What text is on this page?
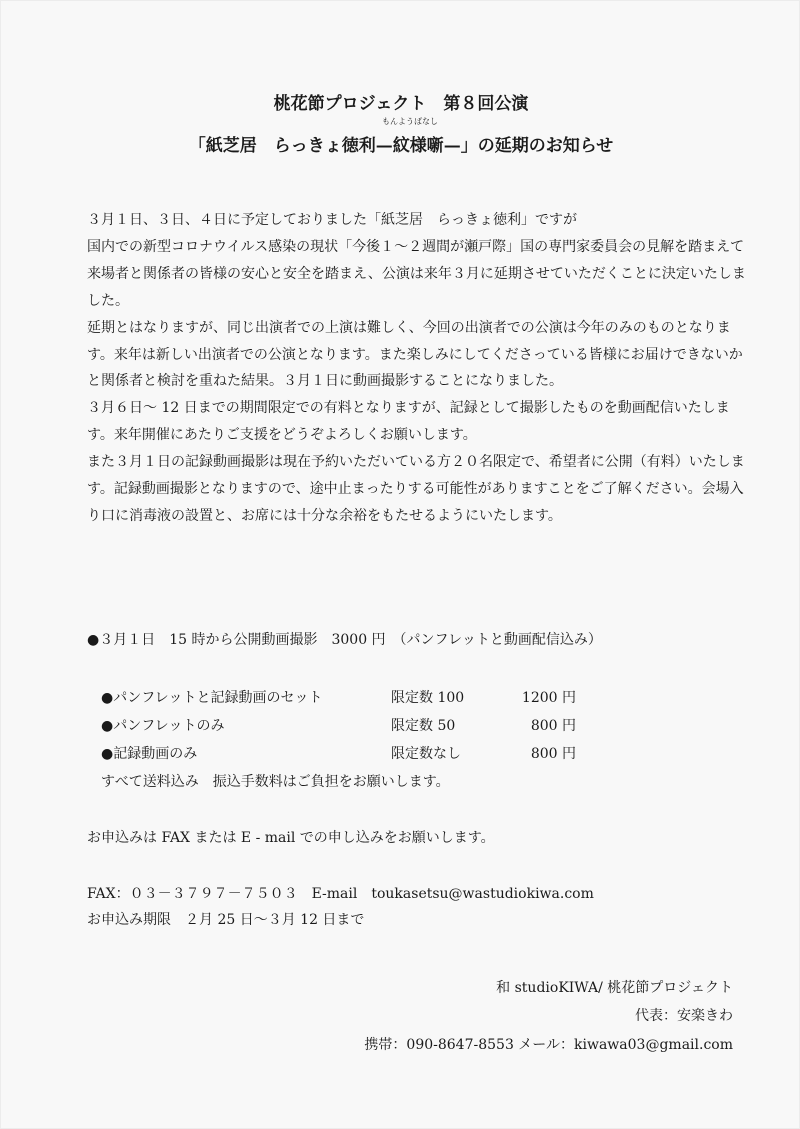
桃花節プロジェクト　第８回公演
もんようばなし
「紙芝居　らっきょ徳利—紋様噺—」の延期のお知らせ

３月１日、３日、４日に予定しておりました「紙芝居　らっきょ徳利」ですが

国内での新型コロナウイルス感染の現状「今後１〜２週間が瀬戸際」国の専門家委員会の見解を踏まえて来場者と関係者の皆様の安心と安全を踏まえ、公演は来年３月に延期させていただくことに決定いたしました。

延期とはなりますが、同じ出演者での上演は難しく、今回の出演者での公演は今年のみのものとなります。来年は新しい出演者での公演となります。また楽しみにしてくださっている皆様にお届けできないかと関係者と検討を重ねた結果。３月１日に動画撮影することになりました。

３月６日〜 12 日までの期間限定での有料となりますが、記録として撮影したものを動画配信いたします。来年開催にあたりご支援をどうぞよろしくお願いします。

また３月１日の記録動画撮影は現在予約いただいている方２０名限定で、希望者に公開（有料）いたします。記録動画撮影となりますので、途中止まったりする可能性がありますことをご了解ください。会場入り口に消毒液の設置と、お席には十分な余裕をもたせるようにいたします。

●３月１日　15 時から公開動画撮影　3000 円　（パンフレットと動画配信込み）
●パンフレットと記録動画のセット	限定数 100	1200 円
●パンフレットのみ	限定数 50	800 円
●記録動画のみ	限定数なし	800 円
すべて送料込み　振込手数料はご負担をお願いします。
お申込みは FAX または E - mail での申し込みをお願いします。
FAX：０３－３７９７－７５０３　E-mail　toukasetsu@wastudiokiwa.com
お申込み期限　２月 25 日〜３月 12 日まで
和 studioKIWA/ 桃花節プロジェクト
代表：安楽きわ
携帯：090-8647-8553 メール：kiwawa03@gmail.com
